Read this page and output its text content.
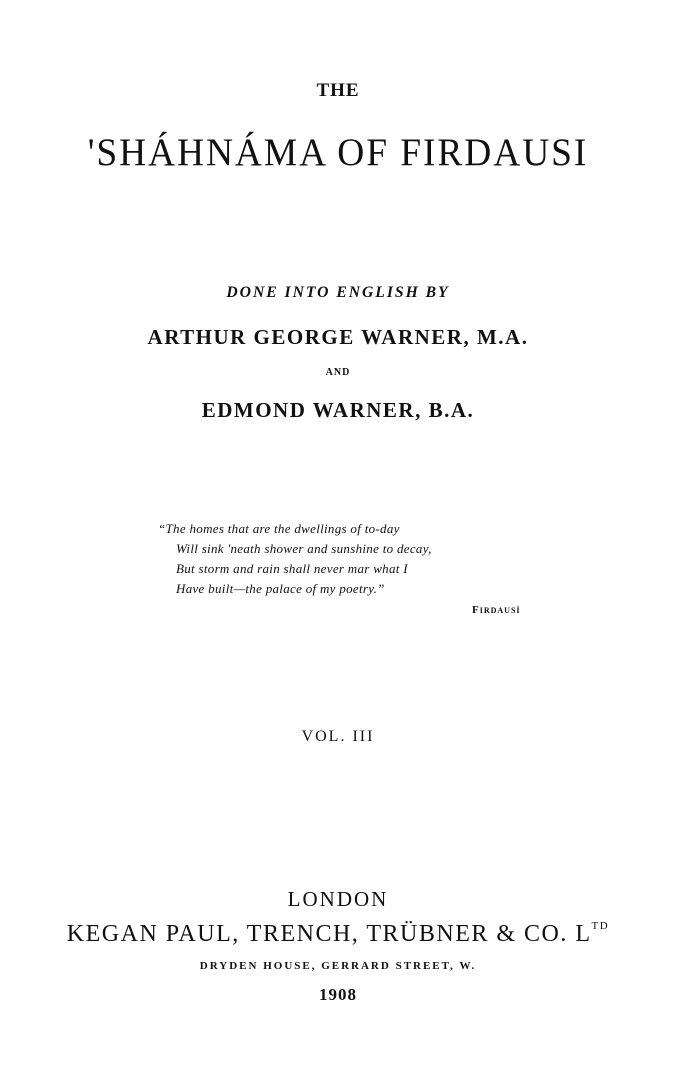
THE
'SHÁHNÁMA OF FIRDAUSI
DONE INTO ENGLISH BY
ARTHUR GEORGE WARNER, M.A.
AND
EDMOND WARNER, B.A.
“The homes that are the dwellings of to-day
Will sink 'neath shower and sunshine to decay,
But storm and rain shall never mar what I
Have built—the palace of my poetry.”
Firdausí
VOL. III
LONDON
KEGAN PAUL, TRENCH, TRÜBNER & CO. $L^{TD}$
DRYDEN HOUSE, GERRARD STREET, W.
1908
